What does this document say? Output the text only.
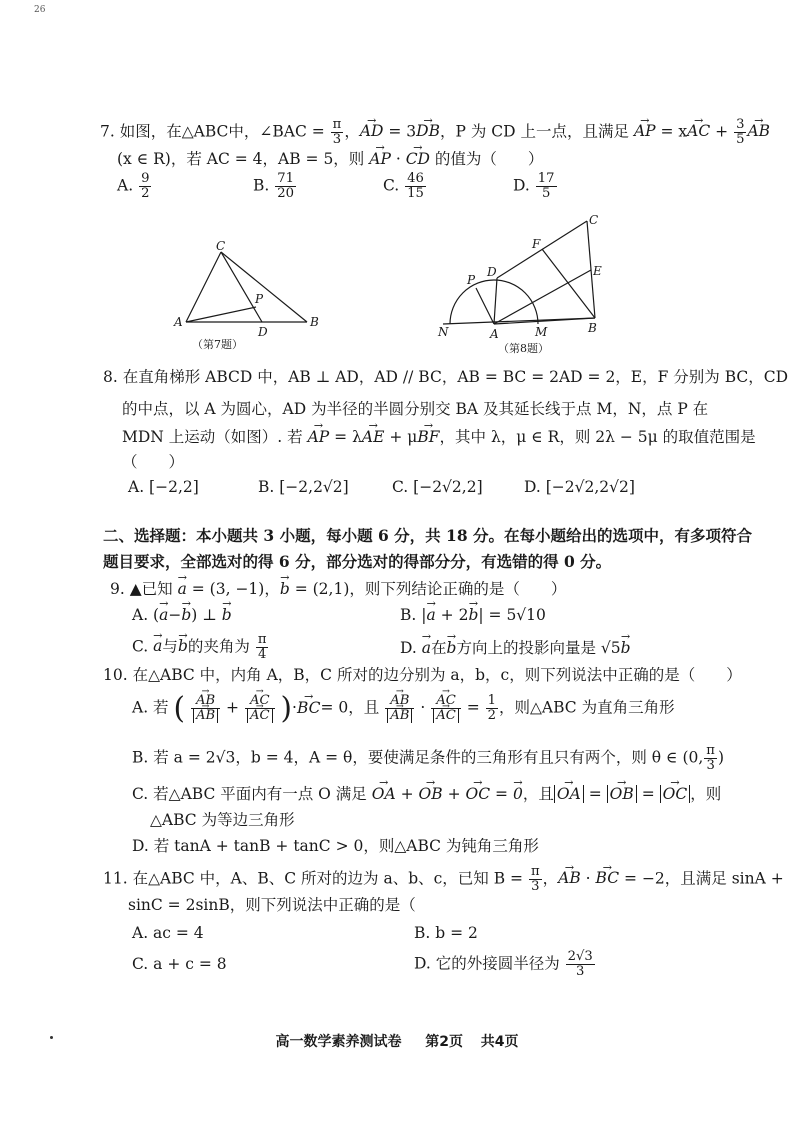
26
7. 如图，在△ABC中，∠BAC = $\frac{\pi}{3}$ ，→ AD = 3→ DB，P 为 CD 上一点，且满足 → AP = x→ AC + $\frac{3}{5}$ → AB
(x ∈ R)，若 AC = 4，AB = 5，则 → AP · → CD 的值为（　　）
A. $\frac{9}{2}$	B. $\frac{71}{20}$	C. $\frac{46}{15}$	D. $\frac{17}{5}$
A	B
C
D
P
（第7题）
N	A	M	B
C
D	E
F
P
（第8题）
8. 在直角梯形 ABCD 中，AB ⊥ AD，AD // BC，AB = BC = 2AD = 2，E，F 分别为 BC，CD
的中点，以 A 为圆心，AD 为半径的半圆分别交 BA 及其延长线于点 M，N，点 P 在
MDN 上运动（如图）. 若 → AP = λ→ AE + μ→ BF，其中 λ，μ ∈ R，则 2λ − 5μ 的取值范围是
（　　）
A. [−2,2]	B. [−2,2√2]	C. [−2√2,2]	D. [−2√2,2√2]
二、选择题：本小题共 3 小题，每小题 6 分，共 18 分。在每小题给出的选项中，有多项符合
题目要求，全部选对的得 6 分，部分选对的得部分分，有选错的得 0 分。
9. ▲已知 → a = (3, −1)，→ b = (2,1)，则下列结论正确的是（　　）
A. (→ a−→ b) ⊥ → b	B. |→ a + 2→ b| = 5√10
C. → a与→ b的夹角为 $\frac{\pi}{4}$	D. → a在→ b方向上的投影向量是 √5→ b
10. 在△ABC 中，内角 A，B，C 所对的边分别为 a，b，c，则下列说法中正确的是（　　）
A. 若 ( → AB
→ AB + → AC
→ AC )·→ BC= 0，且 → AB
→ AB · → AC
→ AC = $\frac{1}{2}$ ，则△ABC 为直角三角形
B. 若 a = 2√3，b = 4，A = θ，要使满足条件的三角形有且只有两个，则 θ ∈ (0, $\frac{\pi}{3}$ )
C. 若△ABC 平面内有一点 O 满足 → OA + → OB + → OC = → 0，且 → OA = → OB = → OC ，则
△ABC 为等边三角形
D. 若 tanA + tanB + tanC > 0，则△ABC 为钝角三角形
11. 在△ABC 中，A、B、C 所对的边为 a、b、c，已知 $B = \frac{\pi}{3}$ ，→ AB · → BC = −2，且满足 sinA +
sinC = 2sinB，则下列说法中正确的是（
A. ac = 4	B. b = 2
C. a + c = 8	D. 它的外接圆半径为 $\frac{2√3}{3}$
高一数学素养测试卷 第2页 共4页
